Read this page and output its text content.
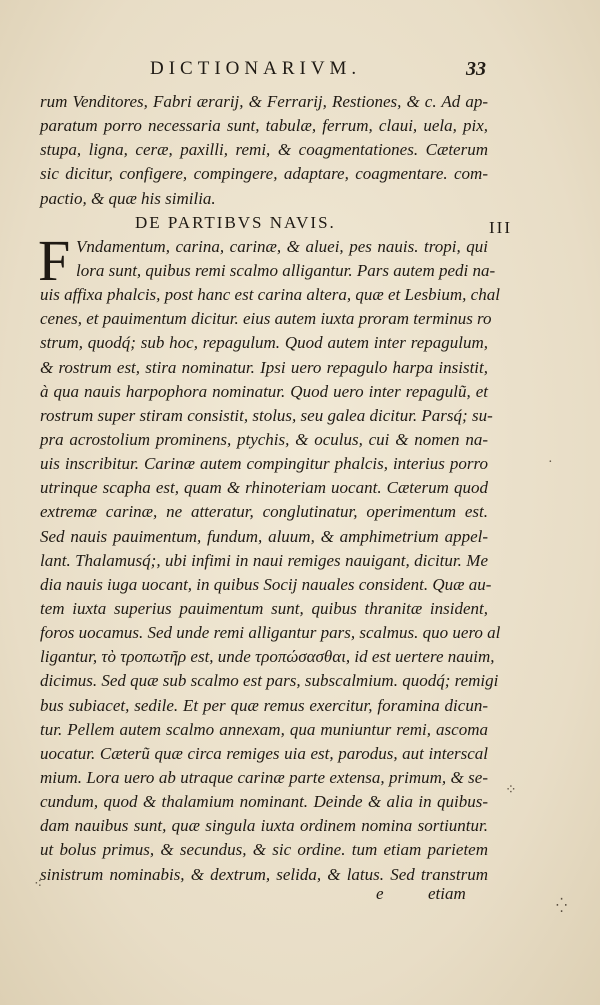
DICTIONARIVM.	33
III
rum Venditores, Fabri ærarij, & Ferrarij, Restiones, & c. Ad ap-
paratum porro necessaria sunt, tabulæ, ferrum, claui, uela, pix,
stupa, ligna, ceræ, paxilli, remi, & coagmentationes. Cæterum
sic dicitur, configere, compingere, adaptare, coagmentare. com-
pactio, & quæ his similia.
DE PARTIBVS NAVIS.
F Vndamentum, carina, carinæ, & aluei, pes nauis. tropi, qui
lora sunt, quibus remi scalmo alligantur. Pars autem pedi na-
uis affixa phalcis, post hanc est carina altera, quæ et Lesbium, chal
cenes, et pauimentum dicitur. eius autem iuxta proram terminus ro
strum, quodq́; sub hoc, repagulum. Quod autem inter repagulum,
& rostrum est, stira nominatur. Ipsi uero repagulo harpa insistit,
à qua nauis harpophora nominatur. Quod uero inter repagulũ, et
rostrum super stiram consistit, stolus, seu galea dicitur. Parsq́; su-
pra acrostolium prominens, ptychis, & oculus, cui & nomen na-
uis inscribitur. Carinæ autem compingitur phalcis, interius porro
utrinque scapha est, quam & rhinoteriam uocant. Cæterum quod
extremæ carinæ, ne atteratur, conglutinatur, operimentum est.
Sed nauis pauimentum, fundum, aluum, & amphimetrium appel-
lant. Thalamusq́;, ubi infimi in naui remiges nauigant, dicitur. Me
dia nauis iuga uocant, in quibus Socij nauales consident. Quæ au-
tem iuxta superius pauimentum sunt, quibus thranitæ insident,
foros uocamus. Sed unde remi alligantur pars, scalmus. quo uero al
ligantur, τὸ τροπωτῆρ est, unde τροπώσασθαι, id est uertere nauim,
dicimus. Sed quæ sub scalmo est pars, subscalmium. quodq́; remigi
bus subiacet, sedile. Et per quæ remus exercitur, foramina dicun-
tur. Pellem autem scalmo annexam, qua muniuntur remi, ascoma
uocatur. Cæterũ quæ circa remiges uia est, parodus, aut interscal
mium. Lora uero ab utraque carinæ parte extensa, primum, & se-
cundum, quod & thalamium nominant. Deinde & alia in quibus-
dam nauibus sunt, quæ singula iuxta ordinem nomina sortiuntur.
ut bolus primus, & secundus, & sic ordine. tum etiam parietem
sinistrum nominabis, & dextrum, selida, & latus. Sed transtrum
e	etiam
·
⁘
⁖
⁛
